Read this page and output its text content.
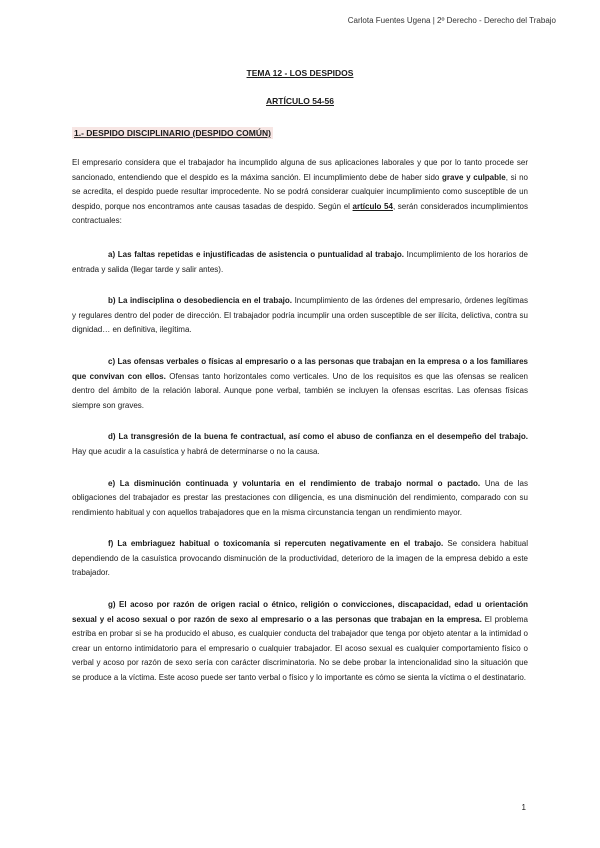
Carlota Fuentes Ugena | 2º Derecho - Derecho del Trabajo
TEMA 12 - LOS DESPIDOS
ARTÍCULO 54-56
1.- DESPIDO DISCIPLINARIO (DESPIDO COMÚN)

El empresario considera que el trabajador ha incumplido alguna de sus aplicaciones laborales y que por lo tanto procede ser sancionado, entendiendo que el despido es la máxima sanción. El incumplimiento debe de haber sido grave y culpable, si no se acredita, el despido puede resultar improcedente. No se podrá considerar cualquier incumplimiento como susceptible de un despido, porque nos encontramos ante causas tasadas de despido. Según el artículo 54, serán considerados incumplimientos contractuales:

a) Las faltas repetidas e injustificadas de asistencia o puntualidad al trabajo. Incumplimiento de los horarios de entrada y salida (llegar tarde y salir antes).

b) La indisciplina o desobediencia en el trabajo. Incumplimiento de las órdenes del empresario, órdenes legítimas y regulares dentro del poder de dirección. El trabajador podría incumplir una orden susceptible de ser ilícita, delictiva, contra su dignidad… en definitiva, ilegítima.

c) Las ofensas verbales o físicas al empresario o a las personas que trabajan en la empresa o a los familiares que convivan con ellos. Ofensas tanto horizontales como verticales. Uno de los requisitos es que las ofensas se realicen dentro del ámbito de la relación laboral. Aunque pone verbal, también se incluyen la ofensas escritas. Las ofensas físicas siempre son graves.

d) La transgresión de la buena fe contractual, así como el abuso de confianza en el desempeño del trabajo. Hay que acudir a la casuística y habrá de determinarse o no la causa.

e) La disminución continuada y voluntaria en el rendimiento de trabajo normal o pactado. Una de las obligaciones del trabajador es prestar las prestaciones con diligencia, es una disminución del rendimiento, comparado con su rendimiento habitual y con aquellos trabajadores que en la misma circunstancia tengan un rendimiento mayor.

f) La embriaguez habitual o toxicomanía si repercuten negativamente en el trabajo. Se considera habitual dependiendo de la casuística provocando disminución de la productividad, deterioro de la imagen de la empresa debido a este trabajador.

g) El acoso por razón de origen racial o étnico, religión o convicciones, discapacidad, edad u orientación sexual y el acoso sexual o por razón de sexo al empresario o a las personas que trabajan en la empresa. El problema estriba en probar si se ha producido el abuso, es cualquier conducta del trabajador que tenga por objeto atentar a la intimidad o crear un entorno intimidatorio para el empresario o cualquier trabajador. El acoso sexual es cualquier comportamiento físico o verbal y acoso por razón de sexo sería con carácter discriminatoria. No se debe probar la intencionalidad sino la situación que se produce a la víctima. Este acoso puede ser tanto verbal o físico y lo importante es cómo se sienta la víctima o el destinatario.

1
